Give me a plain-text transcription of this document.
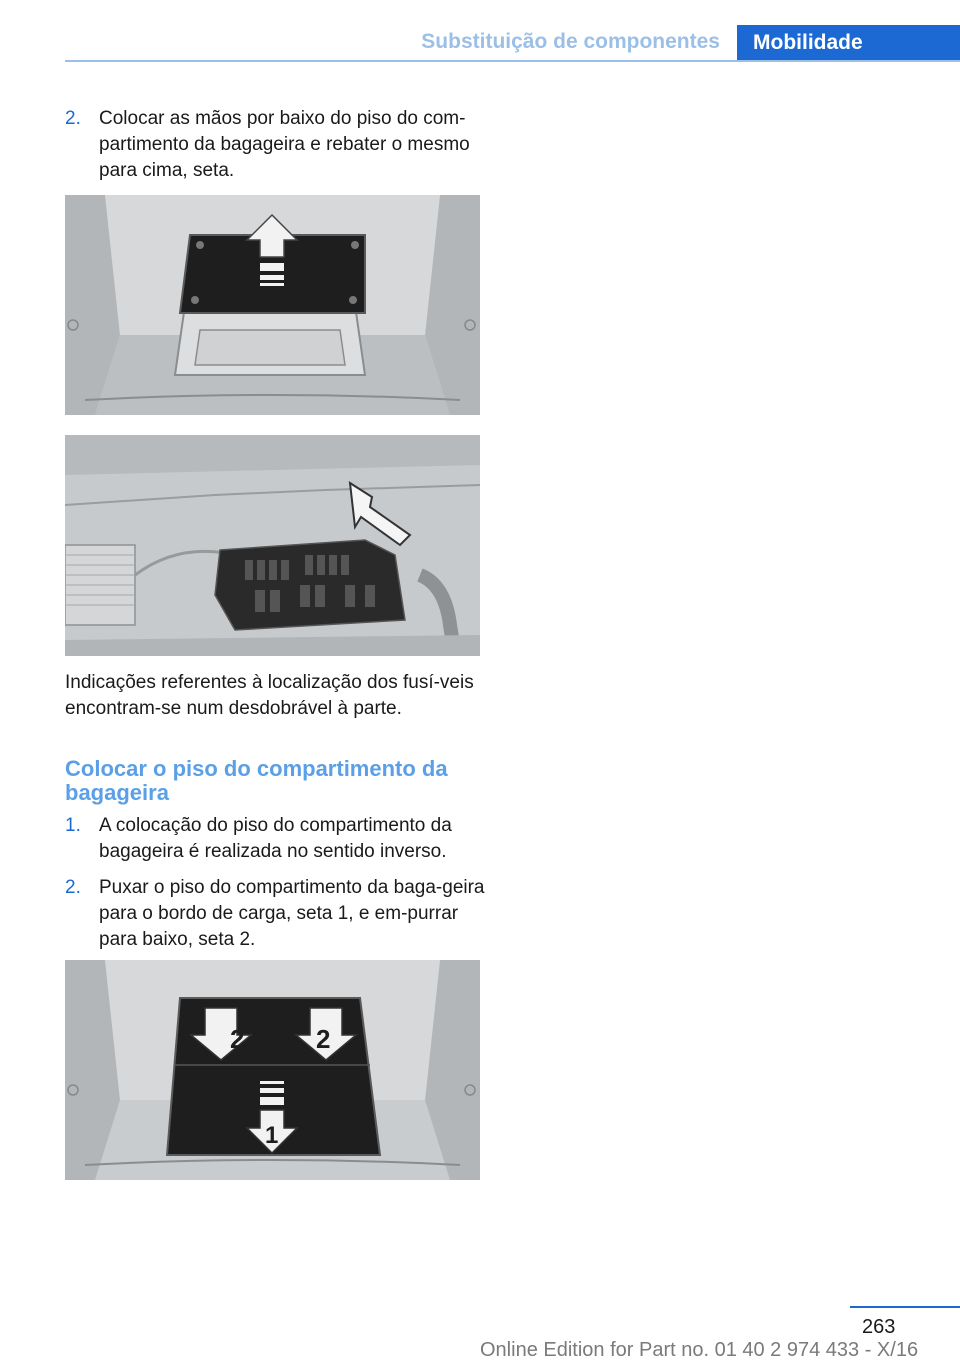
Substituição de componentes Mobilidade
2. Colocar as mãos por baixo do piso do com-partimento da bagageira e rebater o mesmo para cima, seta.
Indicações referentes à localização dos fusí-veis encontram-se num desdobrável à parte.
Colocar o piso do compartimento da bagageira
1. A colocação do piso do compartimento da bagageira é realizada no sentido inverso.
2. Puxar o piso do compartimento da baga-geira para o bordo de carga, seta 1, e em-purrar para baixo, seta 2.
2	2
1
263
Online Edition for Part no. 01 40 2 974 433 - X/16
